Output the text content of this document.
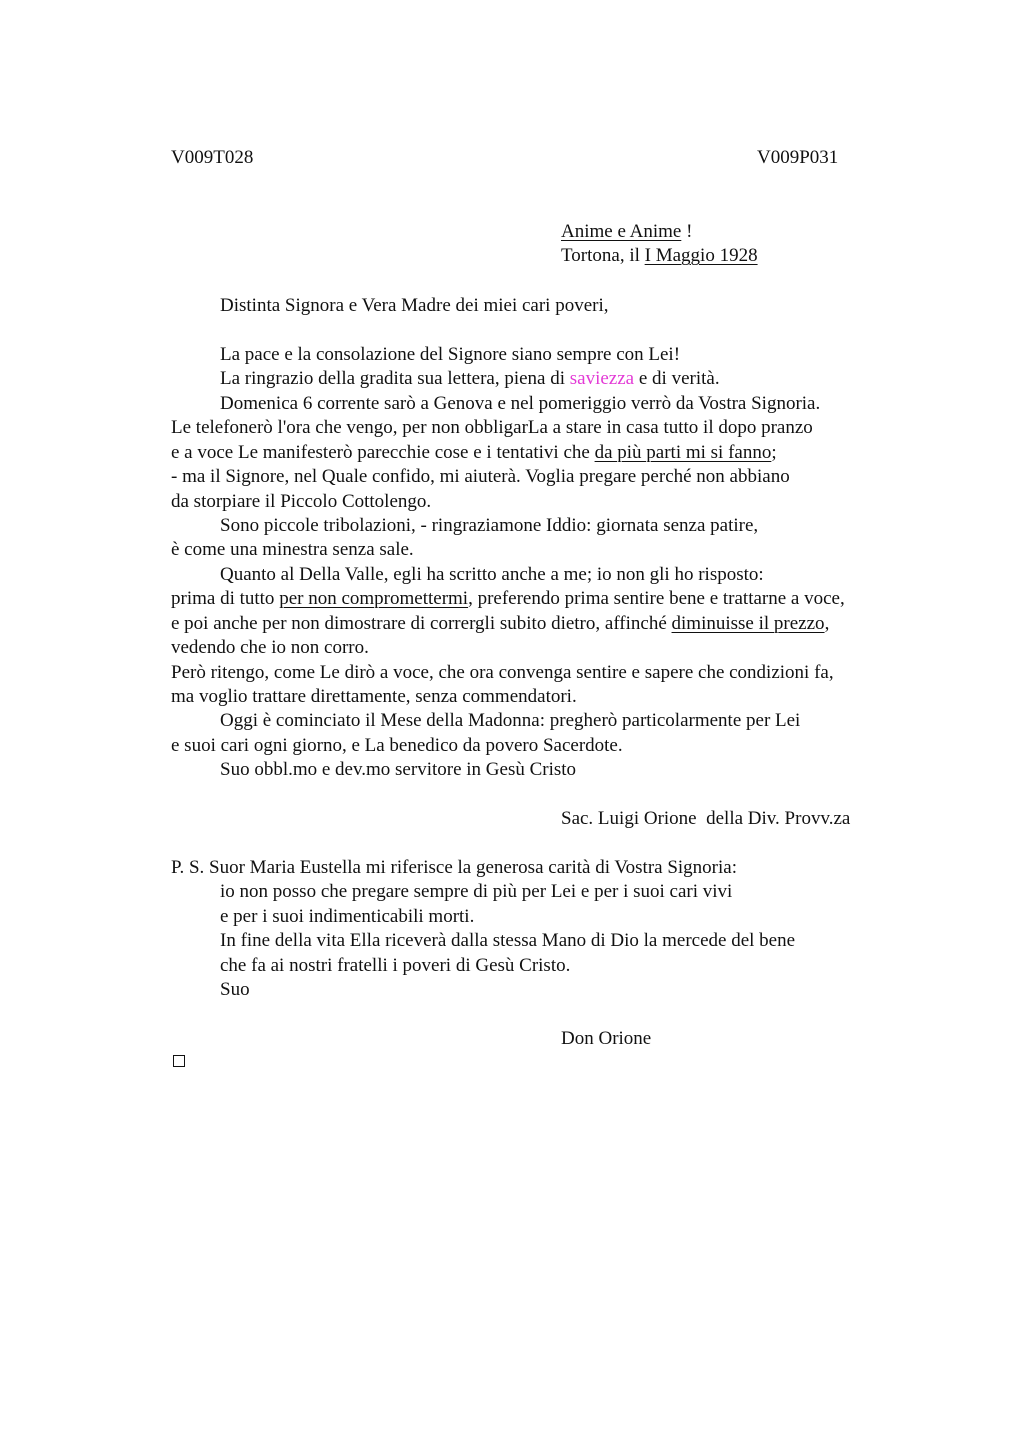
V009T028	V009P031
Anime e Anime !
Tortona, il I Maggio 1928
Distinta Signora e Vera Madre dei miei cari poveri,
La pace e la consolazione del Signore siano sempre con Lei!
La ringrazio della gradita sua lettera, piena di saviezza e di verità.
Domenica 6 corrente sarò a Genova e nel pomeriggio verrò da Vostra Signoria.
Le telefonerò l'ora che vengo, per non obbligarLa a stare in casa tutto il dopo pranzo
e a voce Le manifesterò parecchie cose e i tentativi che da più parti mi si fanno;
- ma il Signore, nel Quale confido, mi aiuterà. Voglia pregare perché non abbiano
da storpiare il Piccolo Cottolengo.
Sono piccole tribolazioni, - ringraziamone Iddio: giornata senza patire,
è come una minestra senza sale.
Quanto al Della Valle, egli ha scritto anche a me; io non gli ho risposto:
prima di tutto per non compromettermi, preferendo prima sentire bene e trattarne a voce,
e poi anche per non dimostrare di corrergli subito dietro, affinché diminuisse il prezzo,
vedendo che io non corro.
Però ritengo, come Le dirò a voce, che ora convenga sentire e sapere che condizioni fa,
ma voglio trattare direttamente, senza commendatori.
Oggi è cominciato il Mese della Madonna: pregherò particolarmente per Lei
e suoi cari ogni giorno, e La benedico da povero Sacerdote.
Suo obbl.mo e dev.mo servitore in Gesù Cristo
Sac. Luigi Orione  della Div. Provv.za
P. S. Suor Maria Eustella mi riferisce la generosa carità di Vostra Signoria:
io non posso che pregare sempre di più per Lei e per i suoi cari vivi
e per i suoi indimenticabili morti.
In fine della vita Ella riceverà dalla stessa Mano di Dio la mercede del bene
che fa ai nostri fratelli i poveri di Gesù Cristo.
Suo
Don Orione
